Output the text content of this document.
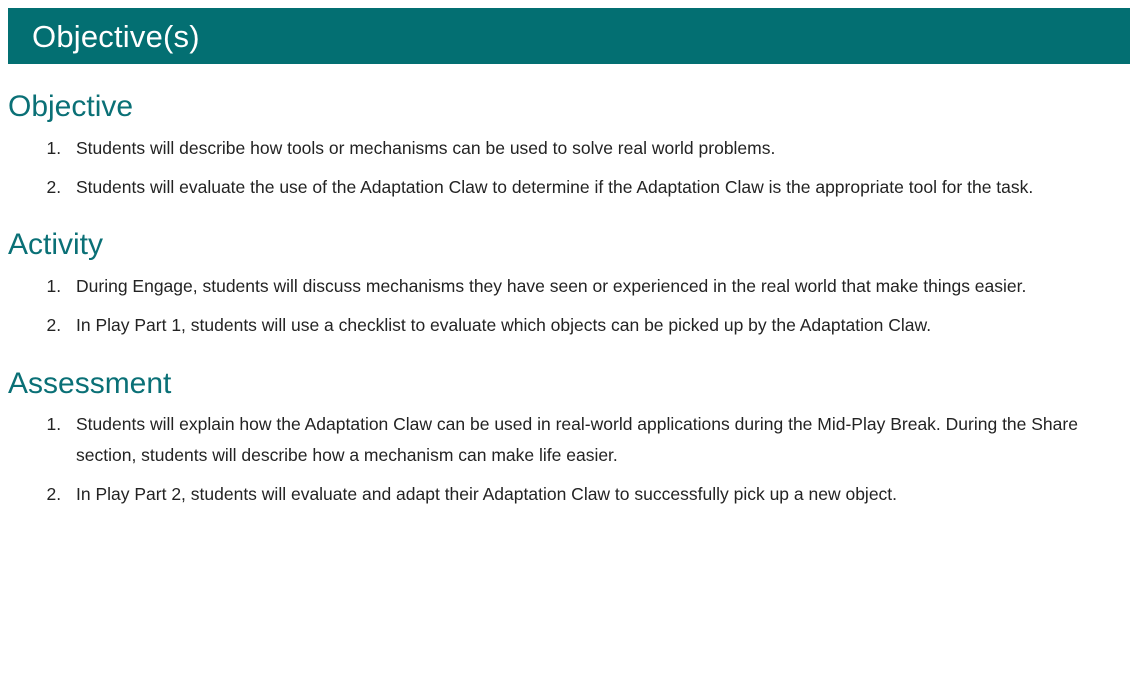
Objective(s)
Objective
1. Students will describe how tools or mechanisms can be used to solve real world problems.
2. Students will evaluate the use of the Adaptation Claw to determine if the Adaptation Claw is the appropriate tool for the task.
Activity
1. During Engage, students will discuss mechanisms they have seen or experienced in the real world that make things easier.
2. In Play Part 1, students will use a checklist to evaluate which objects can be picked up by the Adaptation Claw.
Assessment
1. Students will explain how the Adaptation Claw can be used in real-world applications during the Mid-Play Break. During the Share section, students will describe how a mechanism can make life easier.
2. In Play Part 2, students will evaluate and adapt their Adaptation Claw to successfully pick up a new object.
